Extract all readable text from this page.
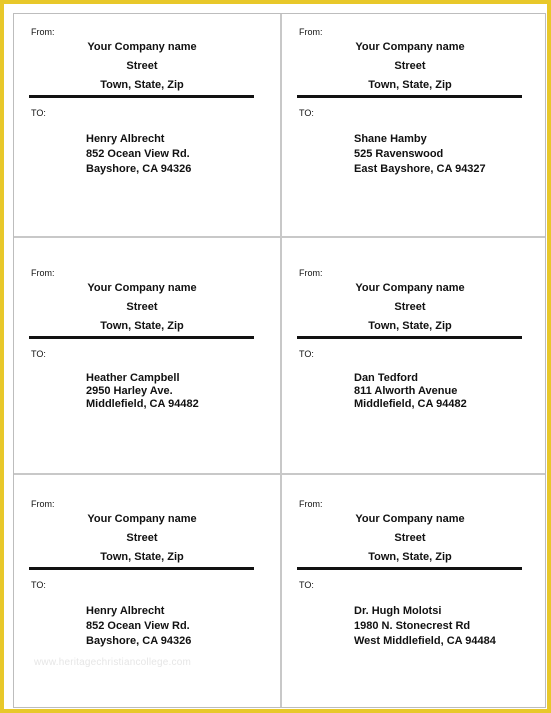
From:
Your Company name
Street
Town, State, Zip
TO:
Henry Albrecht
852 Ocean View Rd.
Bayshore, CA 94326
From:
Your Company name
Street
Town, State, Zip
TO:
Shane Hamby
525 Ravenswood
East Bayshore, CA 94327
From:
Your Company name
Street
Town, State, Zip
TO:
Heather Campbell
2950 Harley Ave.
Middlefield, CA 94482
From:
Your Company name
Street
Town, State, Zip
TO:
Dan Tedford
811 Alworth Avenue
Middlefield, CA 94482
From:
Your Company name
Street
Town, State, Zip
TO:
Henry Albrecht
852 Ocean View Rd.
Bayshore, CA 94326
From:
Your Company name
Street
Town, State, Zip
TO:
Dr. Hugh Molotsi
1980 N. Stonecrest Rd
West Middlefield, CA 94484
www.heritagechristiancollege.com
